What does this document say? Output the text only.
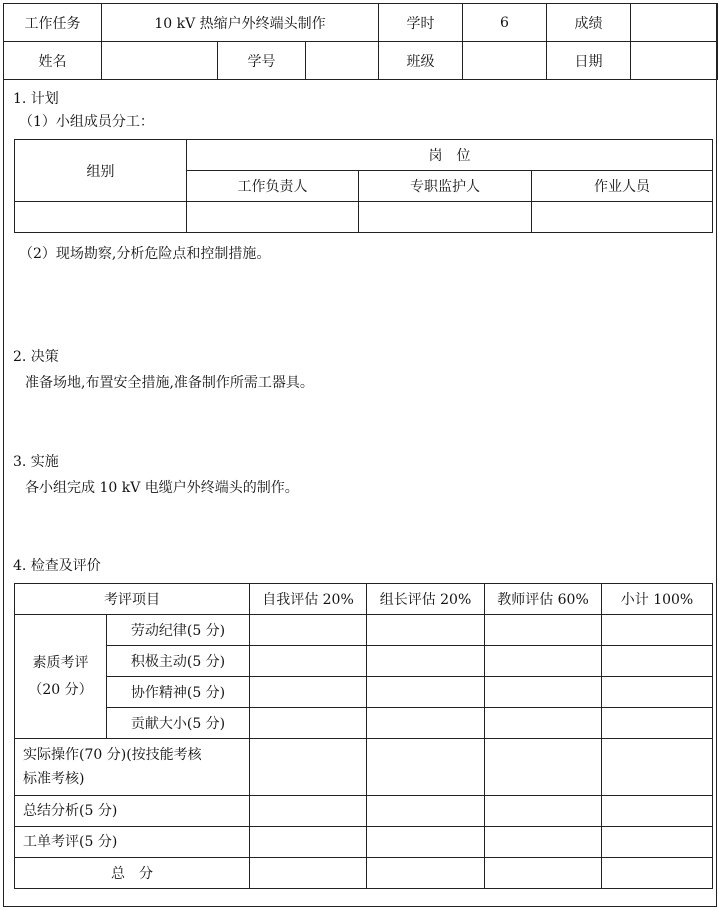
工作任务	10 kV 热缩户外终端头制作			学时	6	成绩	
姓名		学号		班级		日期	
1. 计划
（1）小组成员分工：
组别	岗　位		
	工作负责人	专职监护人	作业人员

（2）现场勘察,分析危险点和控制措施。
2. 决策
准备场地,布置安全措施,准备制作所需工器具。
3. 实施
各小组完成 10 kV 电缆户外终端头的制作。
4. 检查及评价
考评项目		自我评估 20%	组长评估 20%	教师评估 60%	小计 100%
素质考评
（20 分）	劳动纪律(5 分)				
	积极主动(5 分)				
	协作精神(5 分)				
	贡献大小(5 分)				
实际操作(70 分)(按技能考核
标准考核)					
总结分析(5 分)					
工单考评(5 分)					
总　分					
